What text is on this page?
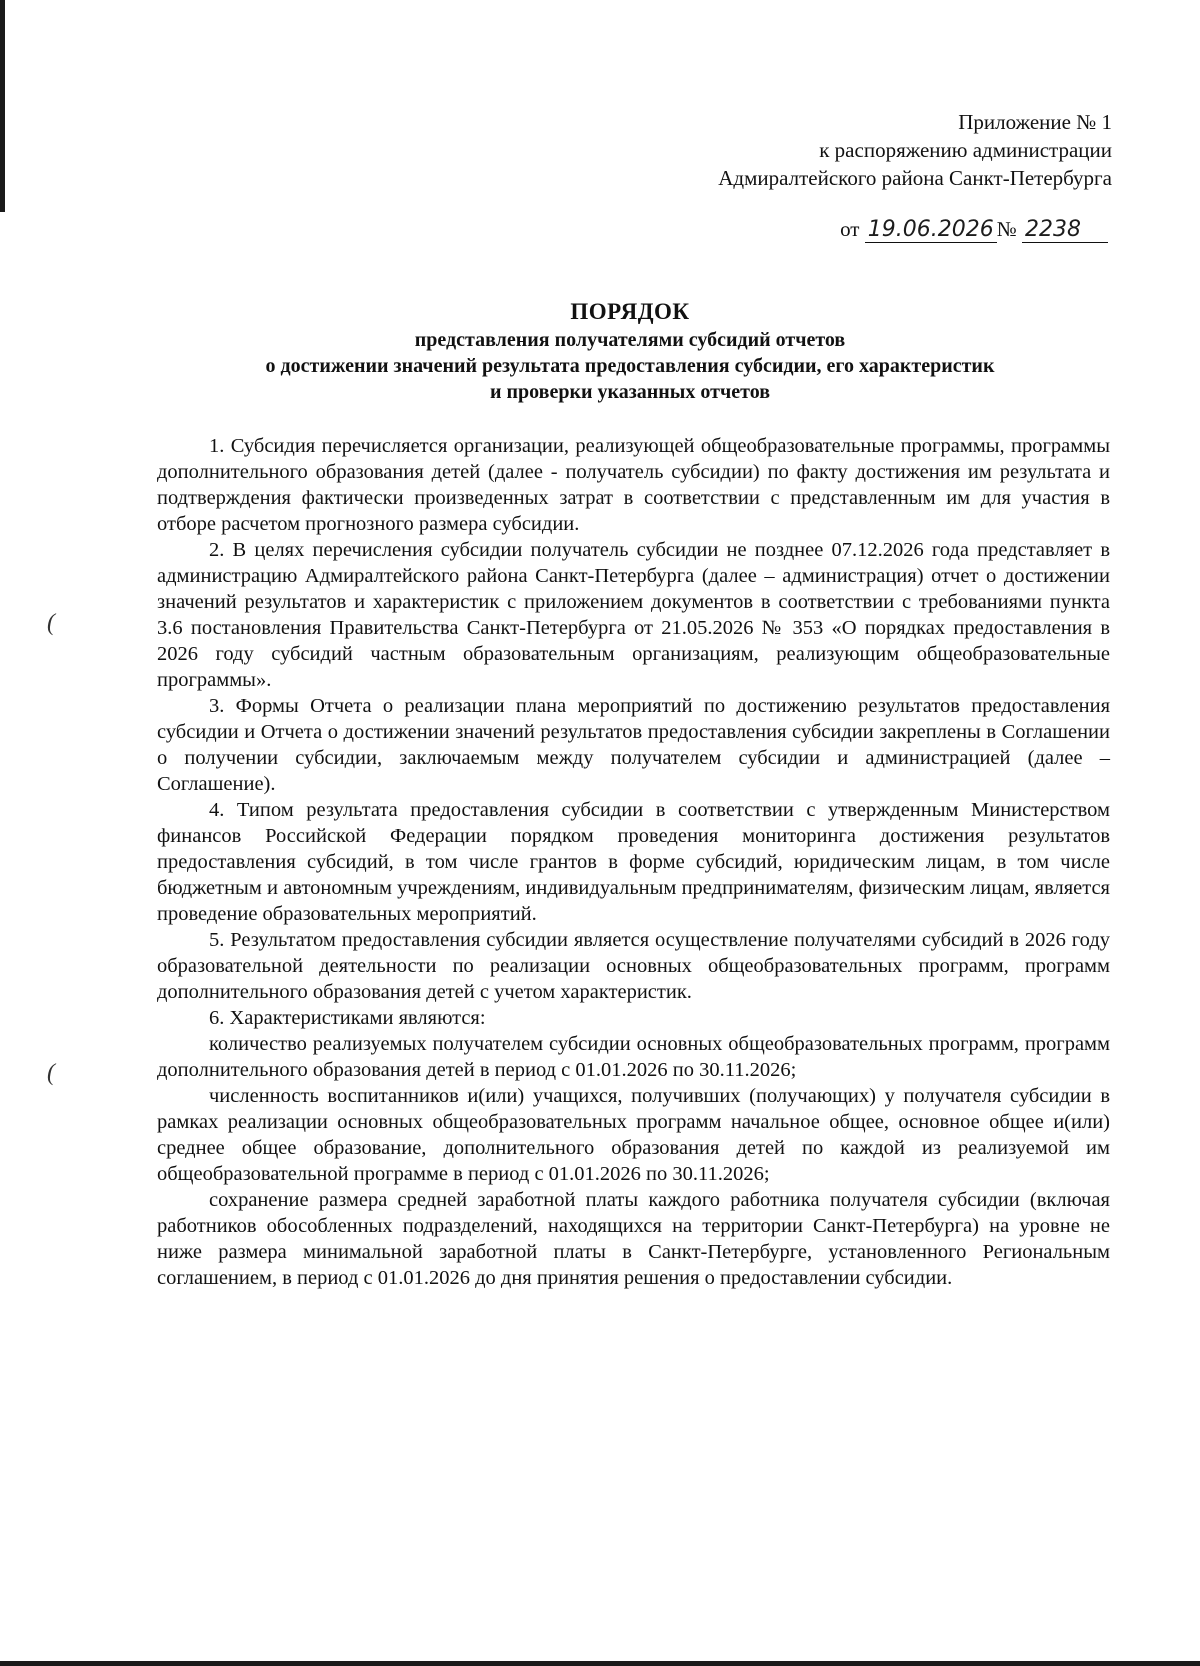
Приложение № 1
к распоряжению администрации
Адмиралтейского района Санкт-Петербурга
от 19.06.2026 № 2238
ПОРЯДОК
представления получателями субсидий отчетов
о достижении значений результата предоставления субсидии, его характеристик
и проверки указанных отчетов

1. Субсидия перечисляется организации, реализующей общеобразовательные программы, программы дополнительного образования детей (далее - получатель субсидии) по факту достижения им результата и подтверждения фактически произведенных затрат в соответствии с представленным им для участия в отборе расчетом прогнозного размера субсидии.

2. В целях перечисления субсидии получатель субсидии не позднее 07.12.2026 года представляет в администрацию Адмиралтейского района Санкт-Петербурга (далее – администрация) отчет о достижении значений результатов и характеристик с приложением документов в соответствии с требованиями пункта 3.6 постановления Правительства Санкт-Петербурга от 21.05.2026 № 353 «О порядках предоставления в 2026 году субсидий частным образовательным организациям, реализующим общеобразовательные программы».

3. Формы Отчета о реализации плана мероприятий по достижению результатов предоставления субсидии и Отчета о достижении значений результатов предоставления субсидии закреплены в Соглашении о получении субсидии, заключаемым между получателем субсидии и администрацией (далее – Соглашение).

4. Типом результата предоставления субсидии в соответствии с утвержденным Министерством финансов Российской Федерации порядком проведения мониторинга достижения результатов предоставления субсидий, в том числе грантов в форме субсидий, юридическим лицам, в том числе бюджетным и автономным учреждениям, индивидуальным предпринимателям, физическим лицам, является проведение образовательных мероприятий.

5. Результатом предоставления субсидии является осуществление получателями субсидий в 2026 году образовательной деятельности по реализации основных общеобразовательных программ, программ дополнительного образования детей с учетом характеристик.

6. Характеристиками являются:

количество реализуемых получателем субсидии основных общеобразовательных программ, программ дополнительного образования детей в период с 01.01.2026 по 30.11.2026;

численность воспитанников и(или) учащихся, получивших (получающих) у получателя субсидии в рамках реализации основных общеобразовательных программ начальное общее, основное общее и(или) среднее общее образование, дополнительного образования детей по каждой из реализуемой им общеобразовательной программе в период с 01.01.2026 по 30.11.2026;

сохранение размера средней заработной платы каждого работника получателя субсидии (включая работников обособленных подразделений, находящихся на территории Санкт-Петербурга) на уровне не ниже размера минимальной заработной платы в Санкт-Петербурге, установленного Региональным соглашением, в период с 01.01.2026 до дня принятия решения о предоставлении субсидии.

(
(
